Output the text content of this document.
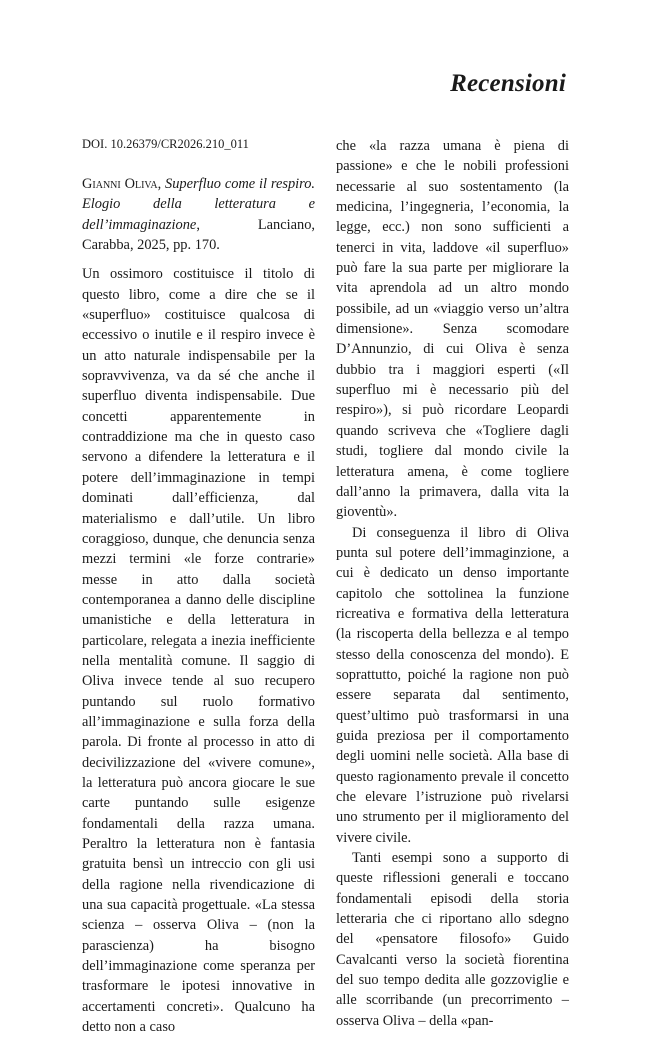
Recensioni

DOI. 10.26379/CR2026.210_011

Gianni Oliva, Superfluo come il respiro. Elogio della letteratura e dell’immaginazione, Lanciano, Carabba, 2025, pp. 170.

Un ossimoro costituisce il titolo di questo libro, come a dire che se il «superfluo» costituisce qualcosa di eccessivo o inutile e il respiro invece è un atto naturale indispensabile per la sopravvivenza, va da sé che anche il superfluo diventa indispensabile. Due concetti apparentemente in contraddizione ma che in questo caso servono a difendere la letteratura e il potere dell’immaginazione in tempi dominati dall’efficienza, dal materialismo e dall’utile. Un libro coraggioso, dunque, che denuncia senza mezzi termini «le forze contrarie» messe in atto dalla società contemporanea a danno delle discipline umanistiche e della letteratura in particolare, relegata a inezia inefficiente nella mentalità comune. Il saggio di Oliva invece tende al suo recupero puntando sul ruolo formativo all’immaginazione e sulla forza della parola. Di fronte al processo in atto di decivilizzazione del «vivere comune», la letteratura può ancora giocare le sue carte puntando sulle esigenze fondamentali della razza umana. Peraltro la letteratura non è fantasia gratuita bensì un intreccio con gli usi della ragione nella rivendicazione di una sua capacità progettuale. «La stessa scienza – osserva Oliva – (non la parascienza) ha bisogno dell’immaginazione come speranza per trasformare le ipotesi innovative in accertamenti concreti». Qualcuno ha detto non a caso

che «la razza umana è piena di passione» e che le nobili professioni necessarie al suo sostentamento (la medicina, l’ingegneria, l’economia, la legge, ecc.) non sono sufficienti a tenerci in vita, laddove «il superfluo» può fare la sua parte per migliorare la vita aprendola ad un altro mondo possibile, ad un «viaggio verso un’altra dimensione». Senza scomodare D’Annunzio, di cui Oliva è senza dubbio tra i maggiori esperti («Il superfluo mi è necessario più del respiro»), si può ricordare Leopardi quando scriveva che «Togliere dagli studi, togliere dal mondo civile la letteratura amena, è come togliere dall’anno la primavera, dalla vita la gioventù».

Di conseguenza il libro di Oliva punta sul potere dell’immaginzione, a cui è dedicato un denso importante capitolo che sottolinea la funzione ricreativa e formativa della letteratura (la riscoperta della bellezza e al tempo stesso della conoscenza del mondo). E soprattutto, poiché la ragione non può essere separata dal sentimento, quest’ultimo può trasformarsi in una guida preziosa per il comportamento degli uomini nelle società. Alla base di questo ragionamento prevale il concetto che elevare l’istruzione può rivelarsi uno strumento per il miglioramento del vivere civile.

Tanti esempi sono a supporto di queste riflessioni generali e toccano fondamentali episodi della storia letteraria che ci riportano allo sdegno del «pensatore filosofo» Guido Cavalcanti verso la società fiorentina del suo tempo dedita alle gozzoviglie e alle scorribande (un precorrimento – osserva Oliva – della «pan-
